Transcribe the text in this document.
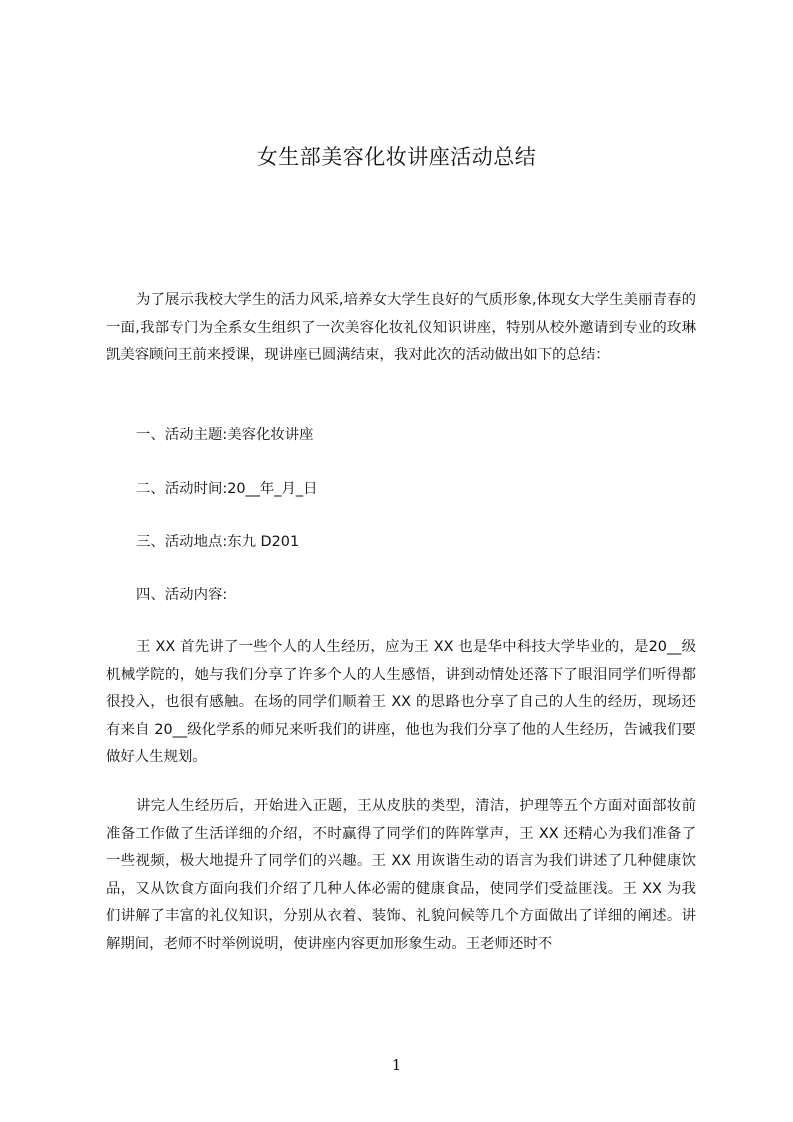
女生部美容化妆讲座活动总结

为了展示我校大学生的活力风采,培养女大学生良好的气质形象,体现女大学生美丽青春的一面,我部专门为全系女生组织了一次美容化妆礼仪知识讲座，特别从校外邀请到专业的玫琳凯美容顾问王前来授课，现讲座已圆满结束，我对此次的活动做出如下的总结：

一、活动主题:美容化妆讲座
二、活动时间:20__年_月_日
三、活动地点:东九 D201
四、活动内容:

王 XX 首先讲了一些个人的人生经历，应为王 XX 也是华中科技大学毕业的，是20__级机械学院的，她与我们分享了许多个人的人生感悟，讲到动情处还落下了眼泪同学们听得都很投入，也很有感触。在场的同学们顺着王 XX 的思路也分享了自己的人生的经历，现场还有来自 20__级化学系的师兄来听我们的讲座，他也为我们分享了他的人生经历，告诫我们要做好人生规划。

讲完人生经历后，开始进入正题，王从皮肤的类型，清洁，护理等五个方面对面部妆前准备工作做了生活详细的介绍，不时赢得了同学们的阵阵掌声，王 XX 还精心为我们准备了一些视频，极大地提升了同学们的兴趣。王 XX 用诙谐生动的语言为我们讲述了几种健康饮品，又从饮食方面向我们介绍了几种人体必需的健康食品，使同学们受益匪浅。王 XX 为我们讲解了丰富的礼仪知识，分别从衣着、装饰、礼貌问候等几个方面做出了详细的阐述。讲解期间，老师不时举例说明，使讲座内容更加形象生动。王老师还时不

1
